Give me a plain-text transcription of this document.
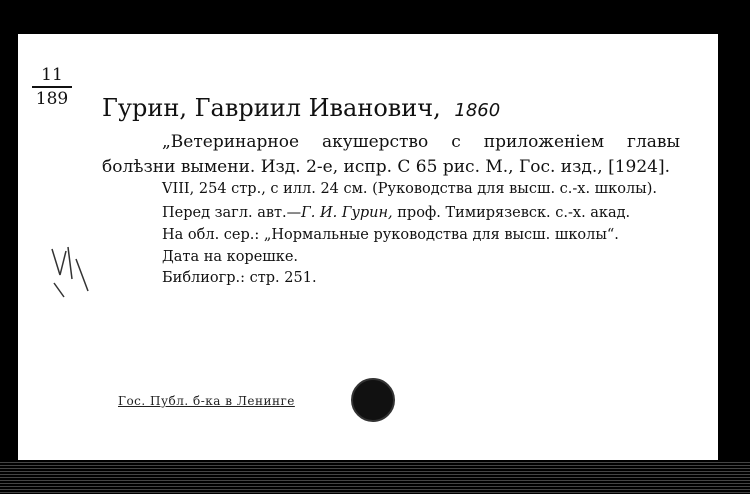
11
189 Гурин, Гавриил Иванович, 1860

„Ветеринарное акушерство с приложенiем главы болѣзни вымени. Изд. 2-е, испр. С 65 рис. М., Гос. изд., [1924].

VIII, 254 стр., с илл. 24 см. (Руководства для высш. с.-х. школы).

Перед загл. авт.—Г. И. Гурин, проф. Тимирязевск. с.-х. акад.

На обл. сер.: „Нормальные руководства для высш. школы“.

Дата на корешке.

Библиогр.: стр. 251.

Гос. Публ. б-ка в Ленинге
